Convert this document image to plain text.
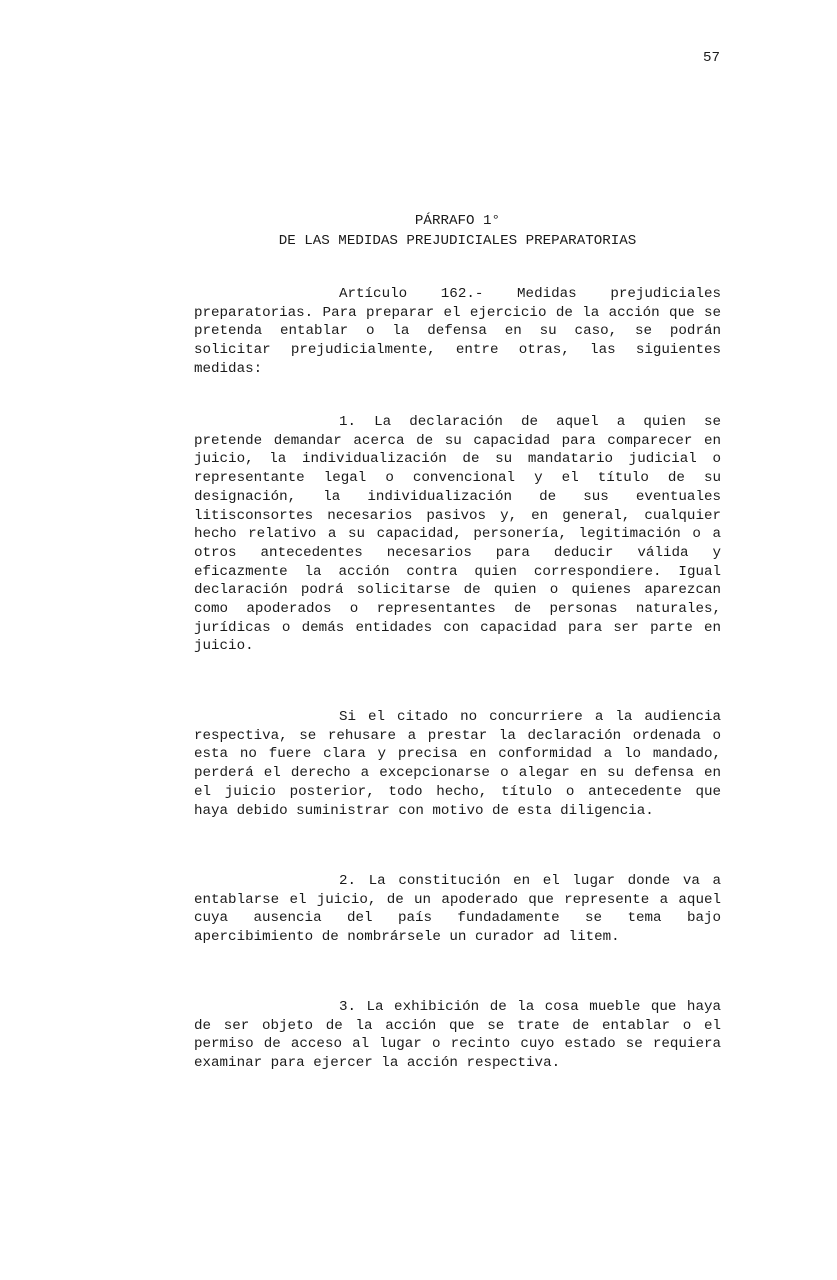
57
PÁRRAFO 1°
DE LAS MEDIDAS PREJUDICIALES PREPARATORIAS

Artículo 162.- Medidas prejudiciales preparatorias. Para preparar el ejercicio de la acción que se pretenda entablar o la defensa en su caso, se podrán solicitar prejudicialmente, entre otras, las siguientes medidas:

1. La declaración de aquel a quien se pretende demandar acerca de su capacidad para comparecer en juicio, la individualización de su mandatario judicial o representante legal o convencional y el título de su designación, la individualización de sus eventuales litisconsortes necesarios pasivos y, en general, cualquier hecho relativo a su capacidad, personería, legitimación o a otros antecedentes necesarios para deducir válida y eficazmente la acción contra quien correspondiere. Igual declaración podrá solicitarse de quien o quienes aparezcan como apoderados o representantes de personas naturales, jurídicas o demás entidades con capacidad para ser parte en juicio.

Si el citado no concurriere a la audiencia respectiva, se rehusare a prestar la declaración ordenada o esta no fuere clara y precisa en conformidad a lo mandado, perderá el derecho a excepcionarse o alegar en su defensa en el juicio posterior, todo hecho, título o antecedente que haya debido suministrar con motivo de esta diligencia.

2. La constitución en el lugar donde va a entablarse el juicio, de un apoderado que represente a aquel cuya ausencia del país fundadamente se tema bajo apercibimiento de nombrársele un curador ad litem.

3. La exhibición de la cosa mueble que haya de ser objeto de la acción que se trate de entablar o el permiso de acceso al lugar o recinto cuyo estado se requiera examinar para ejercer la acción respectiva.
